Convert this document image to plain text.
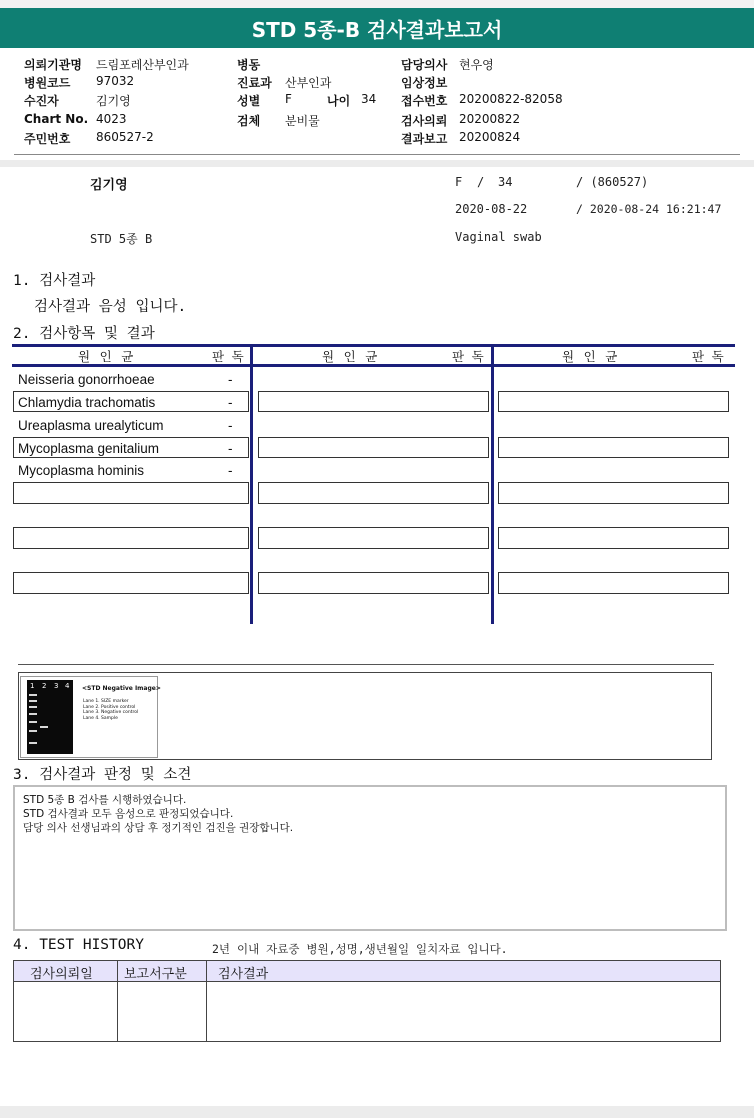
STD 5종-B 검사결과보고서
의뢰기관명 드림포레산부인과
병원코드 97032
수진자	김기영
Chart No. 4023
주민번호 860527-2
병동
진료과 산부인과
성별 F	나이 34
검체 분비물
담당의사 현우영
임상정보
접수번호 20200822-82058
검사의뢰 20200822
결과보고 20200824
김기영	F / 34	/ (860527)
2020-08-22	/ 2020-08-24 16:21:47
STD 5종 B	Vaginal swab
1. 검사결과
검사결과 음성 입니다.
2. 검사항목 및 결과
원 인 균	판 독	원 인 균	판 독	원 인 균	판 독
Neisseria gonorrhoeae	-
Chlamydia trachomatis	-
Ureaplasma urealyticum	-
Mycoplasma genitalium	-
Mycoplasma hominis	-
1 2 3 4 <STD Negative Image>
Lane 1. SIZE marker
Lane 2. Positive control
Lane 3. Negative control
Lane 4. Sample
3. 검사결과 판정 및 소견
STD 5종 B 검사를 시행하였습니다.
STD 검사결과 모두 음성으로 판정되었습니다.
담당 의사 선생님과의 상담 후 정기적인 검진을 권장합니다.
4. TEST HISTORY	2년 이내 자료중 병원,성명,생년월일 일치자료 입니다.
검사의뢰일 보고서구분 검사결과
